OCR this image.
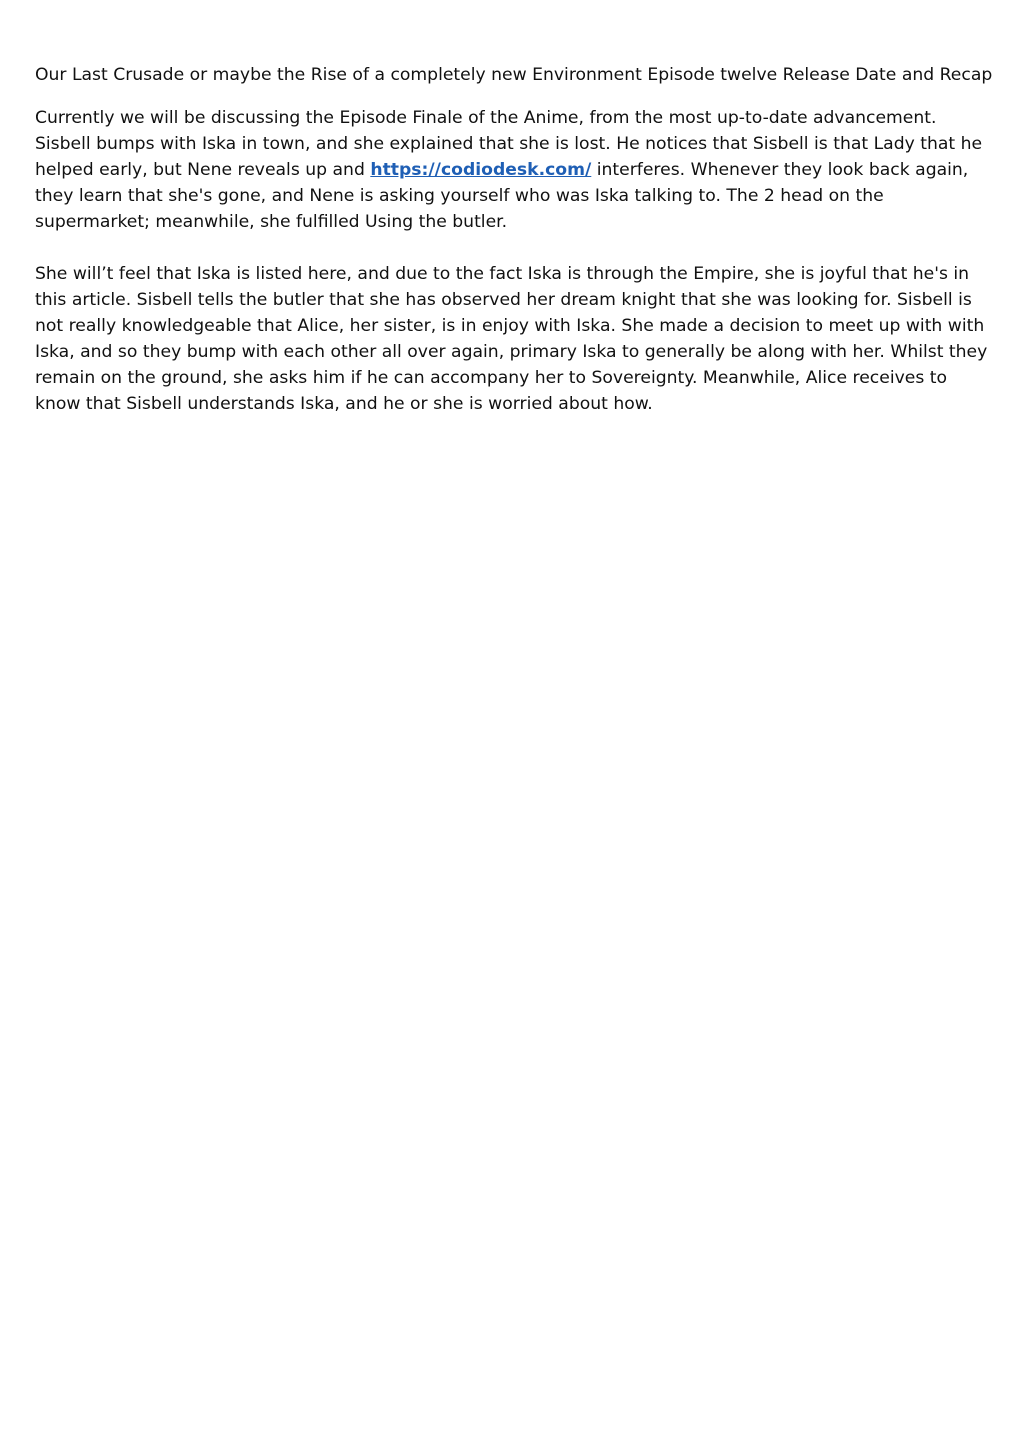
Our Last Crusade or maybe the Rise of a completely new Environment Episode twelve Release Date and Recap

Currently we will be discussing the Episode Finale of the Anime, from the most up-to-date advancement. Sisbell bumps with Iska in town, and she explained that she is lost. He notices that Sisbell is that Lady that he helped early, but Nene reveals up and https://codiodesk.com/ interferes. Whenever they look back again, they learn that she's gone, and Nene is asking yourself who was Iska talking to. The 2 head on the supermarket; meanwhile, she fulfilled Using the butler.

She will’t feel that Iska is listed here, and due to the fact Iska is through the Empire, she is joyful that he's in this article. Sisbell tells the butler that she has observed her dream knight that she was looking for. Sisbell is not really knowledgeable that Alice, her sister, is in enjoy with Iska. She made a decision to meet up with with Iska, and so they bump with each other all over again, primary Iska to generally be along with her. Whilst they remain on the ground, she asks him if he can accompany her to Sovereignty. Meanwhile, Alice receives to know that Sisbell understands Iska, and he or she is worried about how.
